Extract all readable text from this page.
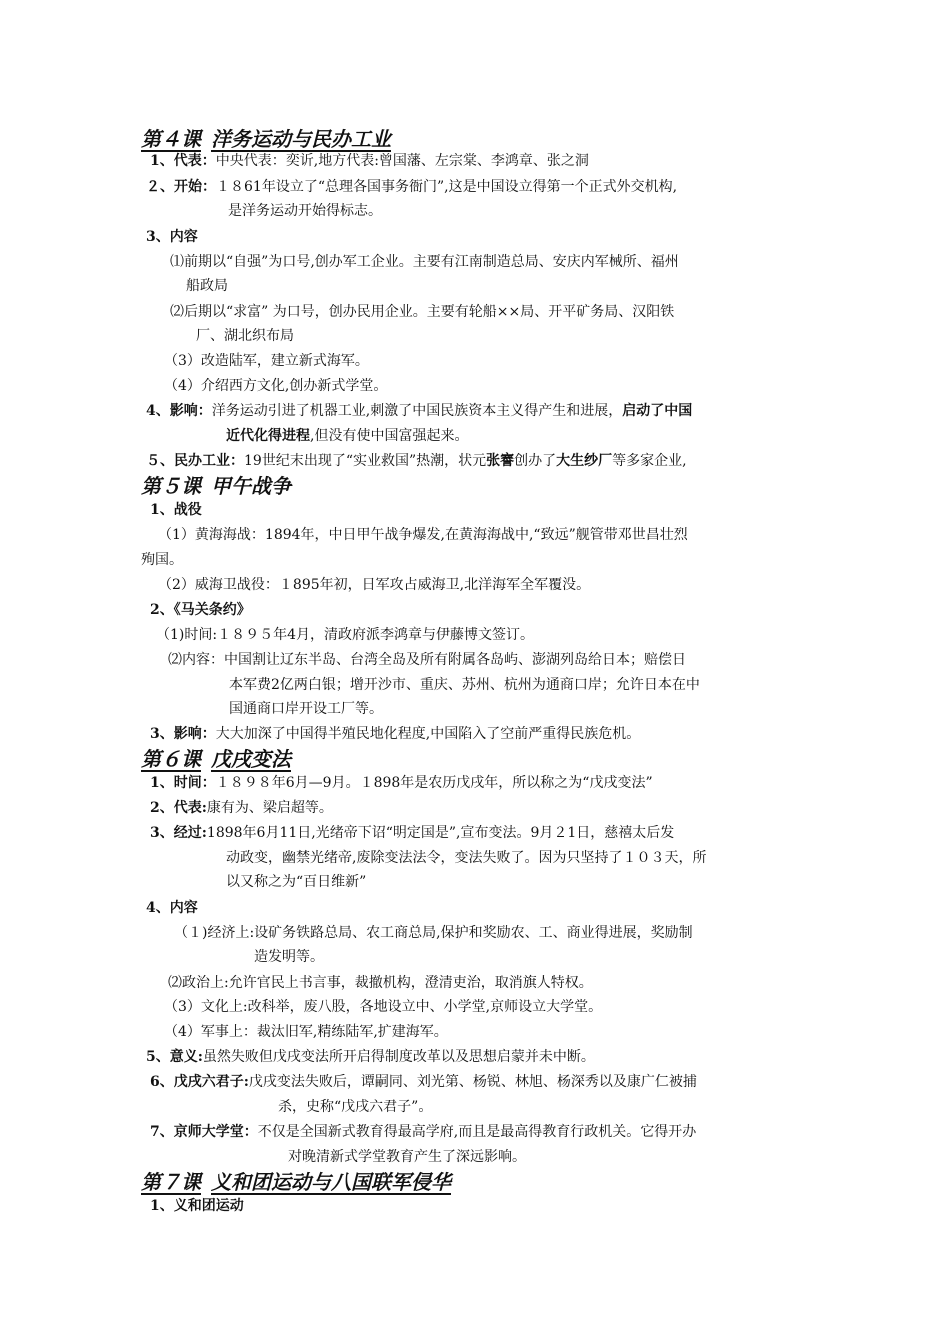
第４课 洋务运动与民办工业
1、代表：中央代表：奕䜣,地方代表:曾国藩、左宗棠、李鸿章、张之洞
２、开始：１８61年设立了“总理各国事务衙门”,这是中国设立得第一个正式外交机构,
是洋务运动开始得标志。
3、内容
⑴前期以“自强”为口号,创办军工企业。主要有江南制造总局、安庆内军械所、福州
船政局
⑵后期以“求富” 为口号，创办民用企业。主要有轮船××局、开平矿务局、汉阳铁
厂、湖北织布局
（3）改造陆军，建立新式海军。
（4）介绍西方文化,创办新式学堂。
4、影响：洋务运动引进了机器工业,刺激了中国民族资本主义得产生和进展，启动了中国
近代化得进程,但没有使中国富强起来。
５、民办工业：19世纪末出现了“实业救国”热潮，状元张謇创办了大生纱厂等多家企业,
第５课 甲午战争
1、战役
（1）黄海海战：1894年，中日甲午战争爆发,在黄海海战中,“致远”舰管带邓世昌壮烈
殉国。
（2）威海卫战役：１895年初，日军攻占威海卫,北洋海军全军覆没。
2、《马关条约》
（1)时间:１８９５年4月，清政府派李鸿章与伊藤博文签订。
⑵内容：中国割让辽东半岛、台湾全岛及所有附属各岛屿、澎湖列岛给日本；赔偿日
本军费2亿两白银；增开沙市、重庆、苏州、杭州为通商口岸；允许日本在中
国通商口岸开设工厂等。
3、影响：大大加深了中国得半殖民地化程度,中国陷入了空前严重得民族危机。
第６课 戊戌变法
1、时间：１８９８年6月—9月。１898年是农历戊戌年，所以称之为“戊戌变法”
2、代表:康有为、梁启超等。
3、经过:1898年6月11日,光绪帝下诏“明定国是”,宣布变法。9月２1日，慈禧太后发
动政变，幽禁光绪帝,废除变法法令，变法失败了。因为只坚持了１０３天，所
以又称之为“百日维新”
4、内容
（１)经济上:设矿务铁路总局、农工商总局,保护和奖励农、工、商业得进展，奖励制
造发明等。
⑵政治上:允许官民上书言事，裁撤机构，澄清吏治，取消旗人特权。
（3）文化上:改科举，废八股，各地设立中、小学堂,京师设立大学堂。
（4）军事上：裁汰旧军,精练陆军,扩建海军。
5、意义:虽然失败但戊戌变法所开启得制度改革以及思想启蒙并未中断。
6、戊戌六君子:戊戌变法失败后，谭嗣同、刘光第、杨锐、林旭、杨深秀以及康广仁被捕
杀，史称“戊戌六君子”。
7、京师大学堂：不仅是全国新式教育得最高学府,而且是最高得教育行政机关。它得开办
对晚清新式学堂教育产生了深远影响。
第７课 义和团运动与八国联军侵华
1、义和团运动
